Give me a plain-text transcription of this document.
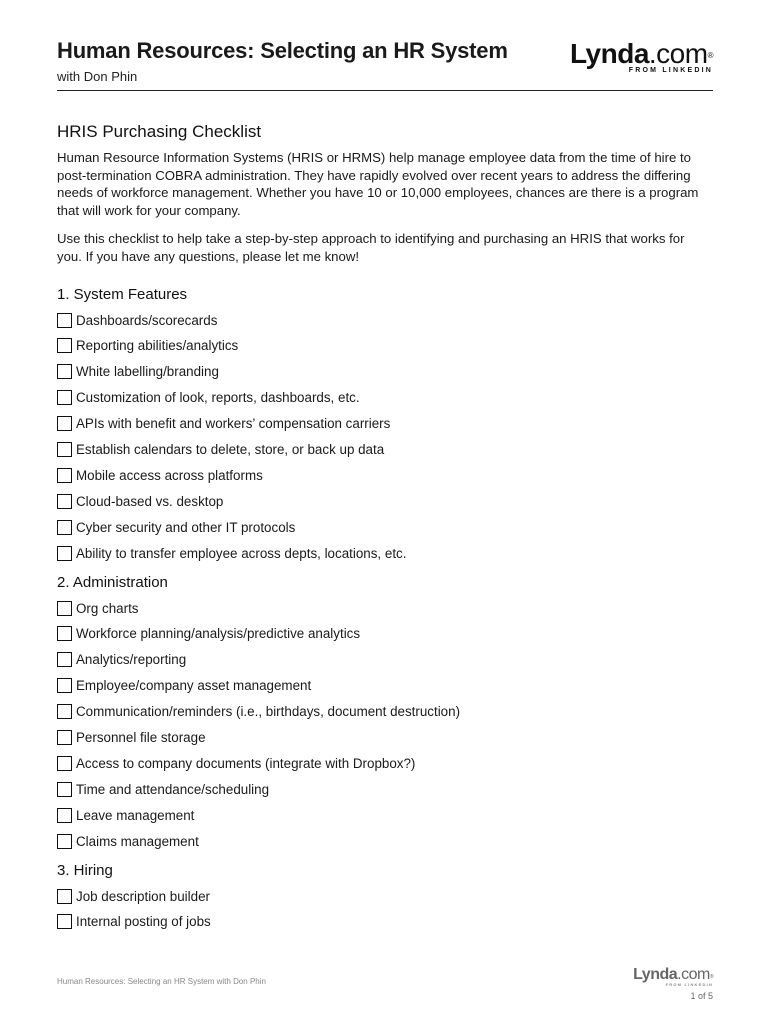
Human Resources: Selecting an HR System
with Don Phin
Lynda.com®
FROM LINKEDIN
HRIS Purchasing Checklist

Human Resource Information Systems (HRIS or HRMS) help manage employee data from the time of hire to post-termination COBRA administration. They have rapidly evolved over recent years to address the differing needs of workforce management. Whether you have 10 or 10,000 employees, chances are there is a program that will work for your company.

Use this checklist to help take a step-by-step approach to identifying and purchasing an HRIS that works for you. If you have any questions, please let me know!

1. System Features
Dashboards/scorecards
Reporting abilities/analytics
White labelling/branding
Customization of look, reports, dashboards, etc.
APIs with benefit and workers’ compensation carriers
Establish calendars to delete, store, or back up data
Mobile access across platforms
Cloud-based vs. desktop
Cyber security and other IT protocols
Ability to transfer employee across depts, locations, etc.
2. Administration
Org charts
Workforce planning/analysis/predictive analytics
Analytics/reporting
Employee/company asset management
Communication/reminders (i.e., birthdays, document destruction)
Personnel file storage
Access to company documents (integrate with Dropbox?)
Time and attendance/scheduling
Leave management
Claims management
3. Hiring
Job description builder
Internal posting of jobs
Human Resources: Selecting an HR System with Don Phin	Lynda.com®
FROM LINKEDIN
1 of 5
